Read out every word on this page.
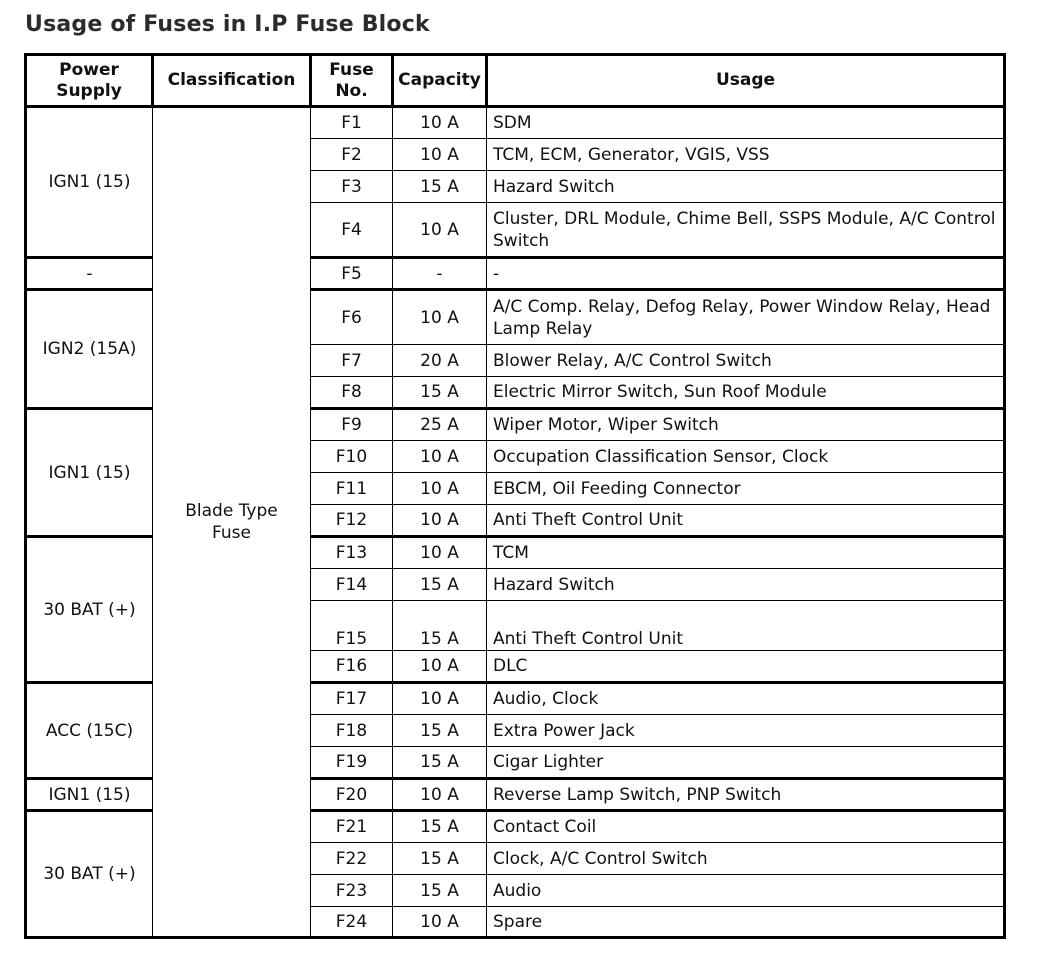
Usage of Fuses in I.P Fuse Block
Power Supply	Classification	Fuse No.	Capacity	Usage
IGN1 (15)	Blade Type Fuse	F1	10 A	SDM
		F2	10 A	TCM, ECM, Generator, VGIS, VSS
		F3	15 A	Hazard Switch
		F4	10 A	Cluster, DRL Module, Chime Bell, SSPS Module, A/C Control Switch
-		F5	-	-
IGN2 (15A)		F6	10 A	A/C Comp. Relay, Defog Relay, Power Window Relay, Head Lamp Relay
		F7	20 A	Blower Relay, A/C Control Switch
		F8	15 A	Electric Mirror Switch, Sun Roof Module
IGN1 (15)		F9	25 A	Wiper Motor, Wiper Switch
		F10	10 A	Occupation Classification Sensor, Clock
		F11	10 A	EBCM, Oil Feeding Connector
		F12	10 A	Anti Theft Control Unit
30 BAT (+)		F13	10 A	TCM
		F14	15 A	Hazard Switch
		F15	15 A	Anti Theft Control Unit
		F16	10 A	DLC
ACC (15C)		F17	10 A	Audio, Clock
		F18	15 A	Extra Power Jack
		F19	15 A	Cigar Lighter
IGN1 (15)		F20	10 A	Reverse Lamp Switch, PNP Switch
30 BAT (+)		F21	15 A	Contact Coil
		F22	15 A	Clock, A/C Control Switch
		F23	15 A	Audio
		F24	10 A	Spare
